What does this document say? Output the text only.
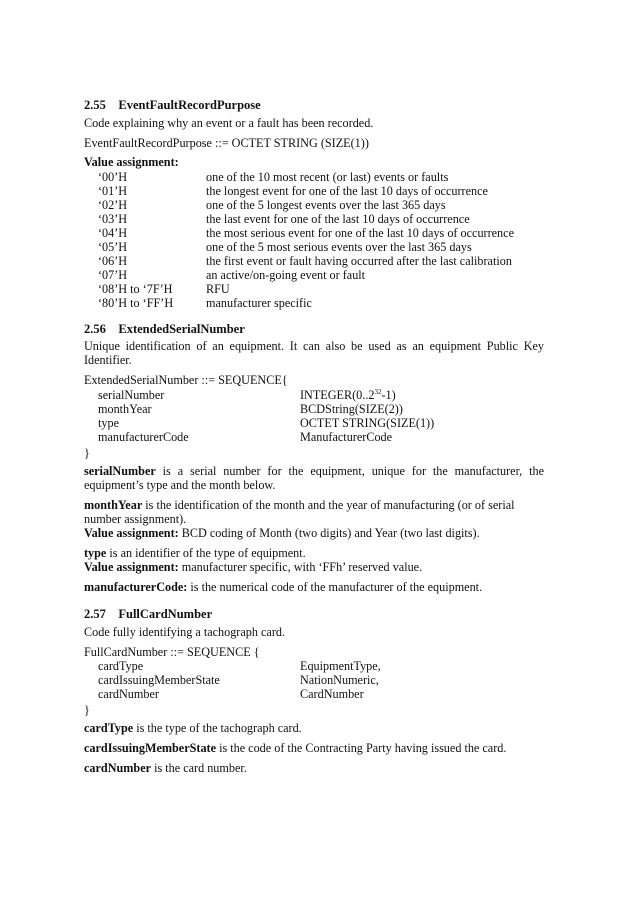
2.55 EventFaultRecordPurpose
Code explaining why an event or a fault has been recorded.
EventFaultRecordPurpose ::= OCTET STRING (SIZE(1))
Value assignment:
‘00’H	one of the 10 most recent (or last) events or faults
‘01’H	the longest event for one of the last 10 days of occurrence
‘02’H	one of the 5 longest events over the last 365 days
‘03’H	the last event for one of the last 10 days of occurrence
‘04’H	the most serious event for one of the last 10 days of occurrence
‘05’H	one of the 5 most serious events over the last 365 days
‘06’H	the first event or fault having occurred after the last calibration
‘07’H	an active/on-going event or fault
‘08’H to ‘7F’H	RFU
‘80’H to ‘FF’H	manufacturer specific
2.56 ExtendedSerialNumber
Unique identification of an equipment. It can also be used as an equipment Public Key
Identifier.
ExtendedSerialNumber ::= SEQUENCE{
serialNumber	INTEGER(0..2$^{32}$-1)
monthYear	BCDString(SIZE(2))
type	OCTET STRING(SIZE(1))
manufacturerCode	ManufacturerCode
}
serialNumber is a serial number for the equipment, unique for the manufacturer, the
equipment’s type and the month below.
monthYear is the identification of the month and the year of manufacturing (or of serial
number assignment).
Value assignment: BCD coding of Month (two digits) and Year (two last digits).
type is an identifier of the type of equipment.
Value assignment: manufacturer specific, with ‘FFh’ reserved value.
manufacturerCode: is the numerical code of the manufacturer of the equipment.
2.57 FullCardNumber
Code fully identifying a tachograph card.
FullCardNumber ::= SEQUENCE {
cardType	EquipmentType,
cardIssuingMemberState	NationNumeric,
cardNumber	CardNumber
}
cardType is the type of the tachograph card.
cardIssuingMemberState is the code of the Contracting Party having issued the card.
cardNumber is the card number.
